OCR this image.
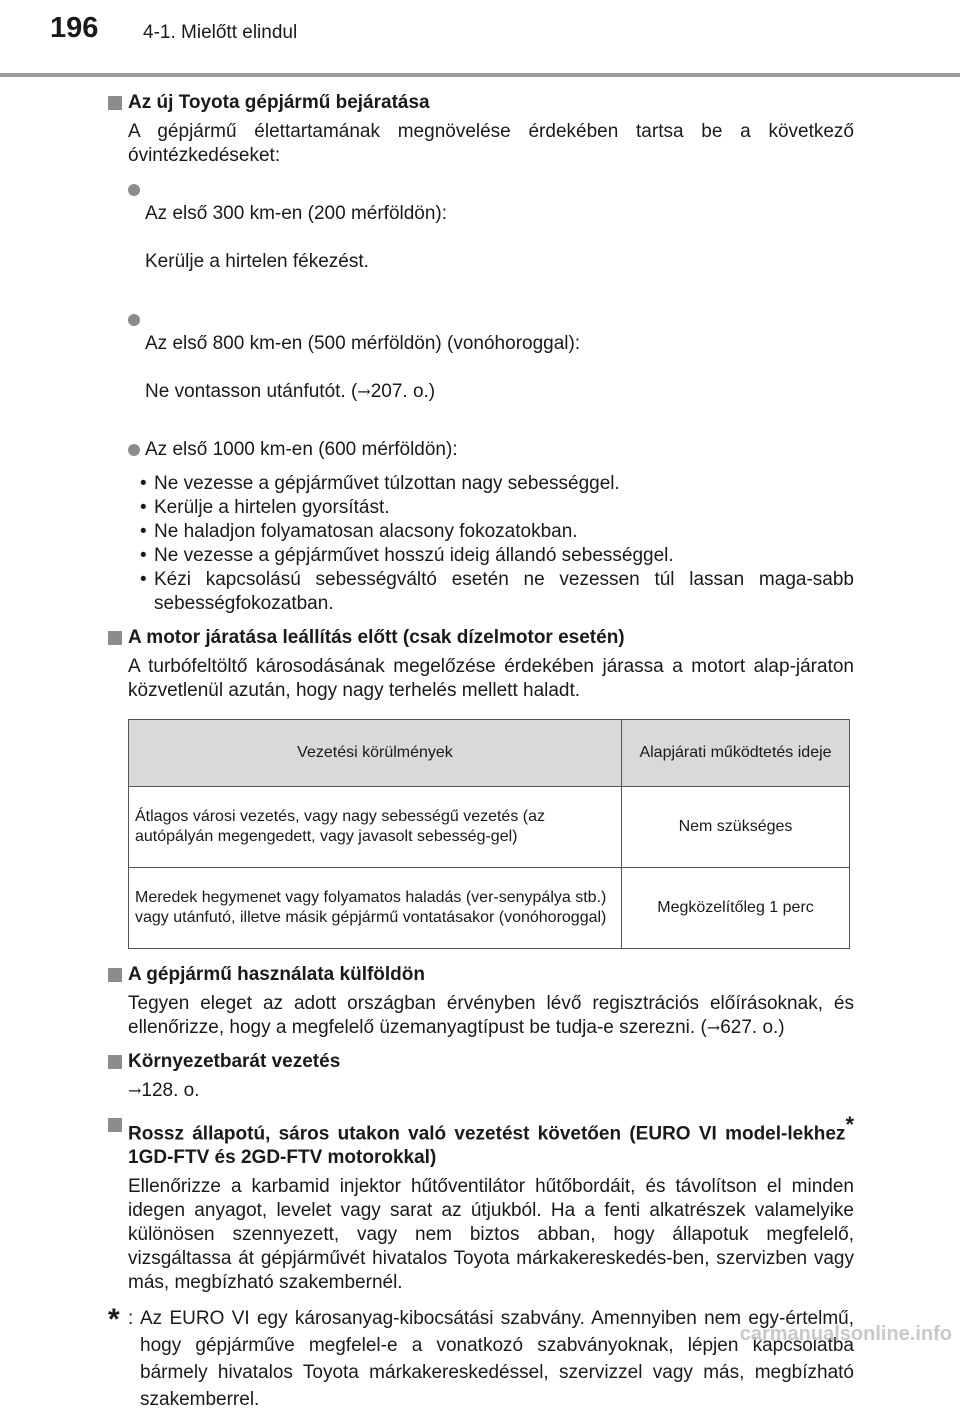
196 4-1. Mielőtt elindul
Az új Toyota gépjármű bejáratása
A gépjármű élettartamának megnövelése érdekében tartsa be a következő óvintézkedéseket:

Az első 300 km-en (200 mérföldön):

Kerülje a hirtelen fékezést.

Az első 800 km-en (500 mérföldön) (vonóhoroggal):

Ne vontasson utánfutót. (→207. o.)

Az első 1000 km-en (600 mérföldön):
• Ne vezesse a gépjárművet túlzottan nagy sebességgel.
• Kerülje a hirtelen gyorsítást.
• Ne haladjon folyamatosan alacsony fokozatokban.
• Ne vezesse a gépjárművet hosszú ideig állandó sebességgel.
• Kézi kapcsolású sebességváltó esetén ne vezessen túl lassan maga-sabb sebességfokozatban.
A motor járatása leállítás előtt (csak dízelmotor esetén)
A turbófeltöltő károsodásának megelőzése érdekében járassa a motort alap-járaton közvetlenül azután, hogy nagy terhelés mellett haladt.
Vezetési körülmények	Alapjárati működtetés ideje
Átlagos városi vezetés, vagy nagy sebességű vezetés (az autópályán megengedett, vagy javasolt sebesség-gel)	Nem szükséges
Meredek hegymenet vagy folyamatos haladás (ver-senypálya stb.) vagy utánfutó, illetve másik gépjármű vontatásakor (vonóhoroggal)	Megközelítőleg 1 perc
A gépjármű használata külföldön
Tegyen eleget az adott országban érvényben lévő regisztrációs előírásoknak, és ellenőrizze, hogy a megfelelő üzemanyagtípust be tudja-e szerezni. (→627. o.)
Környezetbarát vezetés
→128. o.
Rossz állapotú, sáros utakon való vezetést követően (EURO VI model-lekhez* 1GD-FTV és 2GD-FTV motorokkal)
Ellenőrizze a karbamid injektor hűtőventilátor hűtőbordáit, és távolítson el minden idegen anyagot, levelet vagy sarat az útjukból. Ha a fenti alkatrészek valamelyike különösen szennyezett, vagy nem biztos abban, hogy állapotuk megfelelő, vizsgáltassa át gépjárművét hivatalos Toyota márkakereskedés-ben, szervizben vagy más, megbízható szakembernél.
* : Az EURO VI egy károsanyag-kibocsátási szabvány. Amennyiben nem egy-értelmű, hogy gépjárműve megfelel-e a vonatkozó szabványoknak, lépjen kapcsolatba bármely hivatalos Toyota márkakereskedéssel, szervizzel vagy más, megbízható szakemberrel.
carmanualsonline.info
